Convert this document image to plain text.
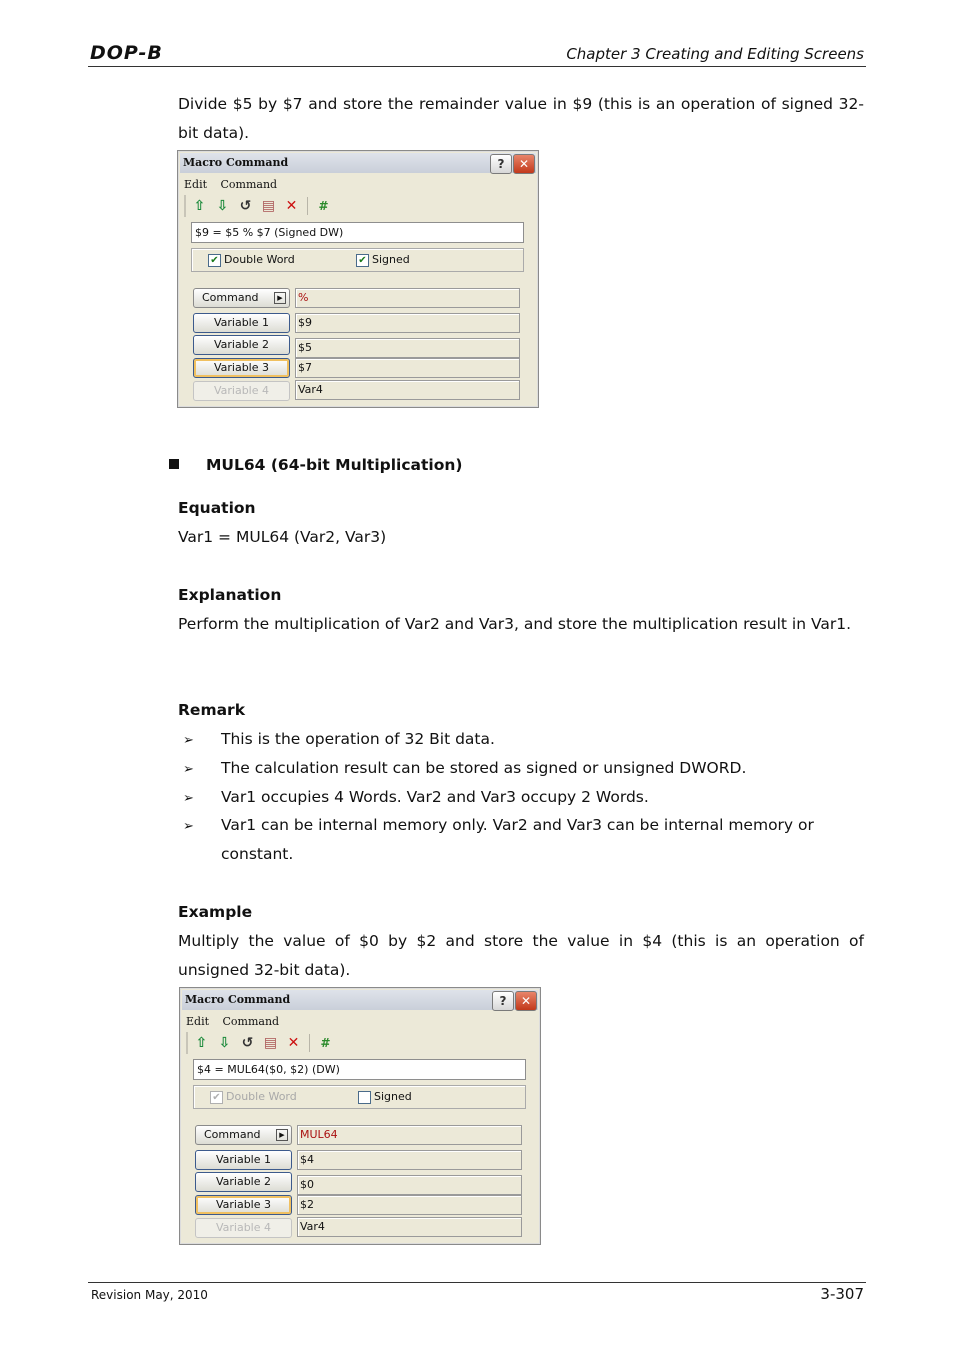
DOP-B	Chapter 3 Creating and Editing Screens
Divide $5 by $7 and store the remainder value in $9 (this is an operation of signed 32-bit data).
Macro Command	?	✕
Edit Command
⇧ ⇩ ↺ ▤ ✕	#
$9 = $5 % $7 (Signed DW)
✔ Double Word	✔ Signed
Command	▶	%
Variable 1	$9
Variable 2	$5
Variable 3	$7
Variable 4	Var4
MUL64 (64-bit Multiplication)
Equation
Var1 = MUL64 (Var2, Var3)
Explanation
Perform the multiplication of Var2 and Var3, and store the multiplication result in Var1.
Remark
➢ This is the operation of 32 Bit data.
➢ The calculation result can be stored as signed or unsigned DWORD.
➢ Var1 occupies 4 Words. Var2 and Var3 occupy 2 Words.
➢ Var1 can be internal memory only. Var2 and Var3 can be internal memory or constant.
Example
Multiply the value of $0 by $2 and store the value in $4 (this is an operation of unsigned 32-bit data).
Macro Command	?	✕
Edit Command
⇧ ⇩ ↺ ▤ ✕	#
$4 = MUL64($0, $2) (DW)
✔ Double Word	Signed
Command	▶	MUL64
Variable 1	$4
Variable 2	$0
Variable 3	$2
Variable 4	Var4
Revision May, 2010	3-307
